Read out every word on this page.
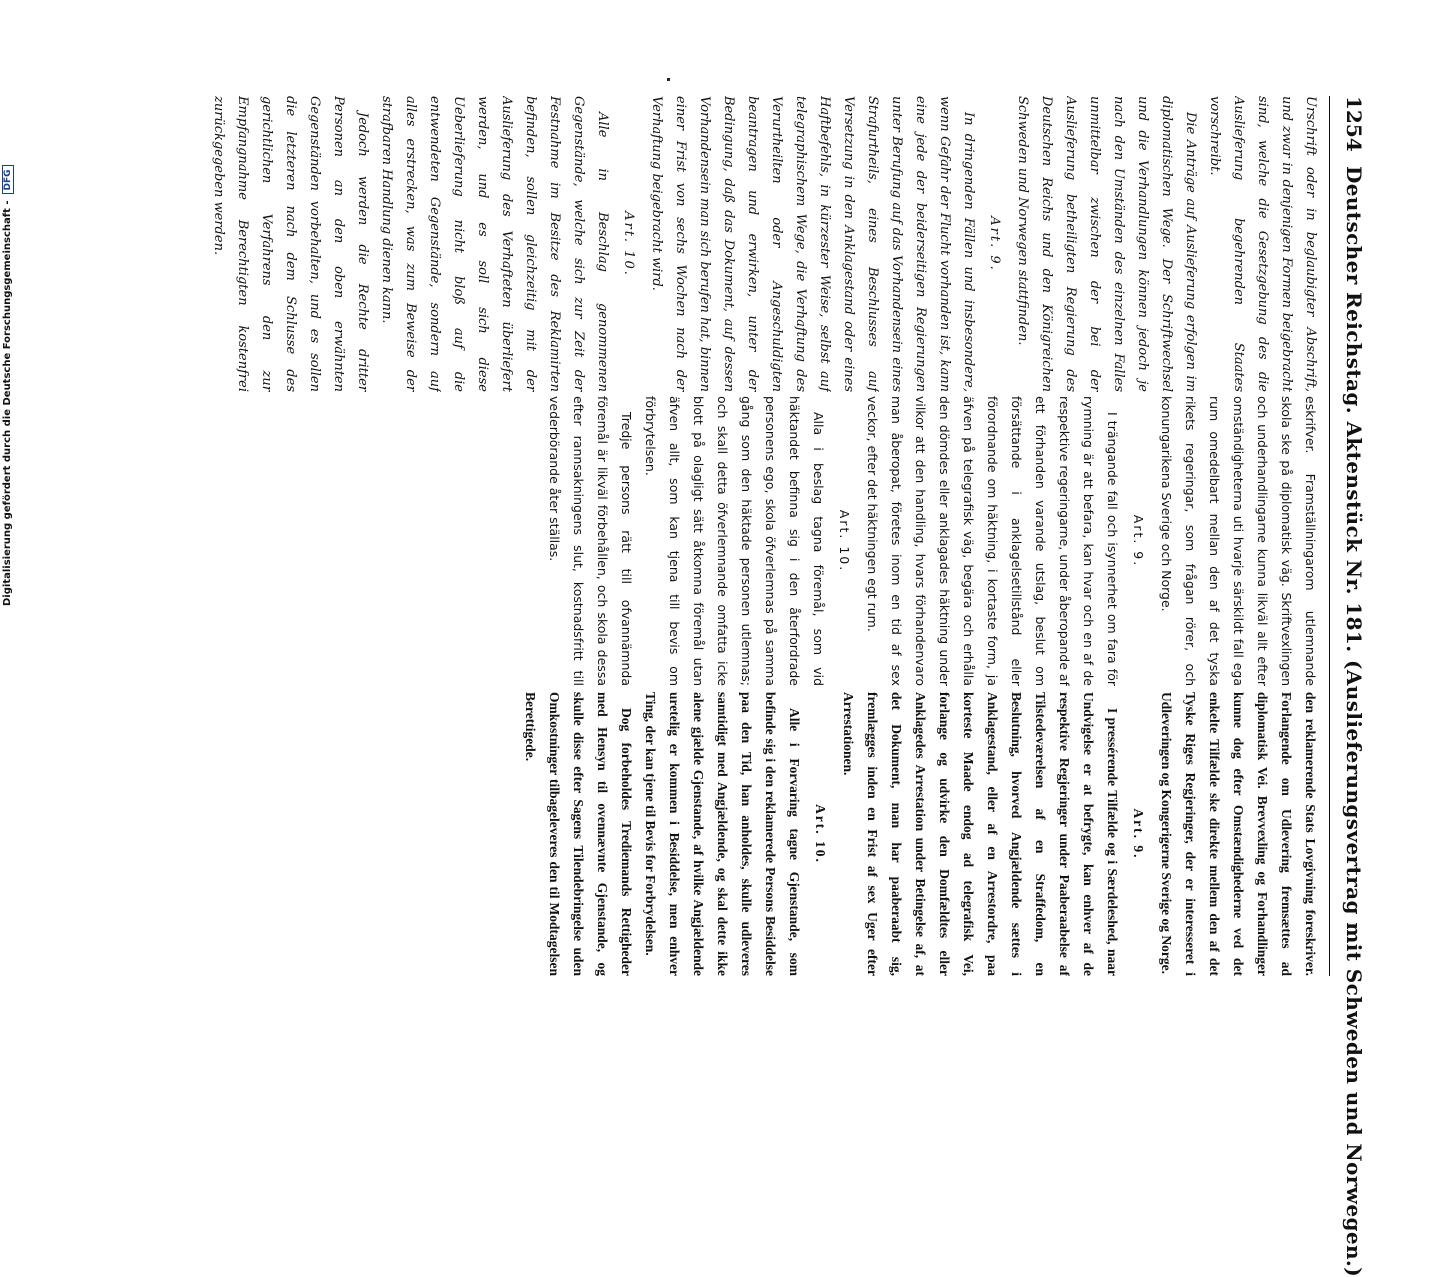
1254
Deutscher Reichstag. Aktenstück Nr. 181. (Auslieferungsvertrag mit Schweden und Norwegen.)

Urschrift oder in beglaubigter Abschrift, und zwar in denjenigen Formen beigebracht sind, welche die Gesetzgebung des die Auslieferung begehrenden Staates vorschreibt.

Die Anträge auf Auslieferung erfolgen im diplomatischen Wege. Der Schriftwechsel und die Verhandlungen können jedoch je nach den Umständen des einzelnen Falles unmittelbar zwischen der bei der Auslieferung betheiligten Regierung des Deutschen Reichs und den Königreichen Schweden und Norwegen stattfinden.

Art. 9.

In dringenden Fällen und insbesondere, wenn Gefahr der Flucht vorhanden ist, kann eine jede der beiderseitigen Regierungen unter Berufung auf das Vorhandensein eines Strafurtheils, eines Beschlusses auf Versetzung in den Anklagestand oder eines Haftbefehls, in kürzester Weise, selbst auf telegraphischem Wege, die Verhaftung des Verurtheilten oder Angeschuldigten beantragen und erwirken, unter der Bedingung, daß das Dokument, auf dessen Vorhandensein man sich berufen hat, binnen einer Frist von sechs Wochen nach der Verhaftung beigebracht wird.

Art. 10.

Alle in Beschlag genommenen Gegenstände, welche sich zur Zeit der Festnahme im Besitze des Reklamirten befinden, sollen gleichzeitig mit der Auslieferung des Verhafteten überliefert werden, und es soll sich diese Ueberlieferung nicht bloß auf die entwendeten Gegenstände, sondern auf alles erstrecken, was zum Beweise der strafbaren Handlung dienen kann.

Jedoch werden die Rechte dritter Personen an den oben erwähnten Gegenständen vorbehalten, und es sollen die letzteren nach dem Schlusse des gerichtlichen Verfahrens den zur Empfangnahme Berechtigten kostenfrei zurückgegeben werden.

eskrifver. Framställningarom utlemnande skola ske på diplomatisk väg. Skriftvexlingen och underhandlingarne kunna likväl allt efter omständigheterna uti hvarje särskildt fall ega rum omedelbart mellan den af det tyska rikets regeringar, som frågan rörer, och konungarikena Sverige och Norge.

Art. 9.

I trängande fall och isynnerhet om fara för rymning är att befara, kan hvar och en af de respektive regeringarne, under åberopande af ett förhanden varande utslag, beslut om försättande i anklagelsetillstånd eller förordnande om häktning, i kortaste form, ja äfven på telegrafisk väg, begära och erhålla den dömdes eller anklagades häktning under vilkor att den handling, hvars förhandenvaro man åberopat, företes inom en tid af sex veckor, efter det häktningen egt rum.

Art. 10.

Alla i beslag tagna föremål, som vid häktandet befinna sig i den återfordrade personens ego, skola öfverlemnas på samma gång som den häktade personen utlemnas; och skall detta öfverlemnande omfatta icke blott på olagligt sätt åtkomna föremål utan äfven allt, som kan tjena till bevis om förbrytelsen.

Tredje persons rätt till ofvannämnda föremål är likväl förbehållen, och skola dessa efter rannsakningens slut, kostnadsfritt till vederbörande åter ställas.

den reklamerende Stats Lovgivning foreskriver. Forlangende om Udlevering fremsættes ad diplomatisk Vei. Brevvexling og Forhandlinger kunne dog efter Omstændighederne ved det enkelte Tilfælde ske direkte mellem den af det Tyske Riges Regjeringer, der er interesseret i Udleveringen og Kongerigerne Sverige og Norge.

Art. 9.

I pressérende Tilfælde og i Særdeleshed, naar Undvigelse er at befrygte, kan enhver af de respektive Regjeringer under Paaberaabelse af Tilstedeværelsen af en Straffedom, en Beslutning, hvorved Angjældende sættes i Anklagestand, eller af en Arrestordre, paa korteste Maade endog ad telegrafisk Vei, forlange og udvirke den Domfældtes eller Anklagedes Arrestation under Betingelse af, at det Dokument, man har paaberaabt sig, fremlægges inden en Frist af sex Uger efter Arrestationen.

Art. 10.

Alle i Forvaring tagne Gjenstande, som befinde sig i den reklamerede Persons Besiddelse paa den Tid, han anholdes, skulle udleveres samtidigt med Angjældende, og skal dette ikke alene gjælde Gjenstande, af hvilke Angjældende uretelig er kommen i Besiddelse, men enhver Ting, der kan tjene til Bevis for Forbrydelsen.

Dog forbeholdes Trediemands Rettigheder med Hensyn til ovennævnte Gjenstande, og skulle disse efter Sagens Tilendebringelse uden Omkostninger tilbageleveres den til Modtagelsen Berettigede.

Digitalisierung gefördert durch die Deutsche Forschungsgemeinschaft -DFG
